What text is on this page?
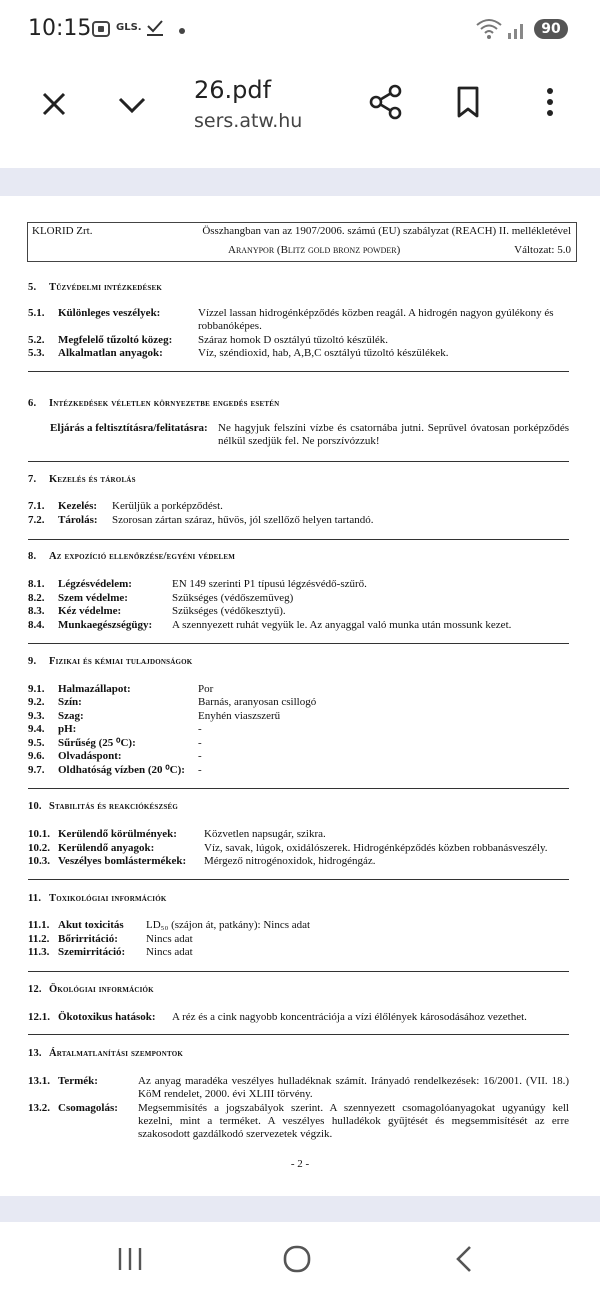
10:15 GLS.	90
26.pdf
sers.atw.hu
KLORID Zrt.	Összhangban van az 1907/2006. számú (EU) szabályzat (REACH) II. mellékletével
Aranypor (Blitz gold bronz powder)	Változat: 5.0
5. Tűzvédelmi intézkedések
5.1. Különleges veszélyek:	Vízzel lassan hidrogénképződés közben reagál. A hidrogén nagyon gyúlékony és robbanóképes.
5.2. Megfelelő tűzoltó közeg: Száraz homok D osztályú tűzoltó készülék.
5.3. Alkalmatlan anyagok:	Víz, széndioxid, hab, A,B,C osztályú tűzoltó készülékek.
6. Intézkedések véletlen környezetbe engedés esetén
Eljárás a feltisztításra/felitatásra: Ne hagyjuk felszíni vízbe és csatornába jutni. Seprűvel óvatosan porképződés nélkül szedjük fel. Ne porszívózzuk!
7. Kezelés és tárolás
7.1. Kezelés: Kerüljük a porképződést.
7.2. Tárolás: Szorosan zártan száraz, hűvös, jól szellőző helyen tartandó.
8. Az expozíció ellenőrzése/egyéni védelem
8.1. Légzésvédelem:	EN 149 szerinti P1 típusú légzésvédő-szűrő.
8.2. Szem védelme:	Szükséges (védőszemüveg)
8.3. Kéz védelme:	Szükséges (védőkesztyű).
8.4. Munkaegészségügy: A szennyezett ruhát vegyük le. Az anyaggal való munka után mossunk kezet.
9. Fizikai és kémiai tulajdonságok
9.1. Halmazállapot:	Por
9.2. Szín:	Barnás, aranyosan csillogó
9.3. Szag:	Enyhén viaszszerű
9.4. pH:	-
9.5. Sűrűség (25 ⁰C):	-
9.6. Olvadáspont:	-
9.7. Oldhatóság vízben (20 ⁰C): -
10. Stabilitás és reakciókészség
10.1. Kerülendő körülmények: Közvetlen napsugár, szikra.
10.2. Kerülendő anyagok:	Víz, savak, lúgok, oxidálószerek. Hidrogénképződés közben robbanásveszély.
10.3. Veszélyes bomlástermékek: Mérgező nitrogénoxidok, hidrogéngáz.
11. Toxikológiai információk
11.1. Akut toxicitás LD₅₀ (szájon át, patkány): Nincs adat
11.2. Bőrirritáció:	Nincs adat
11.3. Szemirritáció: Nincs adat
12. Ökológiai információk
12.1. Ökotoxikus hatások: A réz és a cink nagyobb koncentrációja a vízi élőlények károsodásához vezethet.
13. Ártalmatlanítási szempontok
13.1. Termék:	Az anyag maradéka veszélyes hulladéknak számít. Irányadó rendelkezések: 16/2001. (VII. 18.) KöM rendelet, 2000. évi XLIII törvény.
13.2. Csomagolás: Megsemmisítés a jogszabályok szerint. A szennyezett csomagolóanyagokat ugyanúgy kell kezelni, mint a terméket. A veszélyes hulladékok gyűjtését és megsemmisítését az erre szakosodott gazdálkodó szervezetek végzik.
- 2 -
